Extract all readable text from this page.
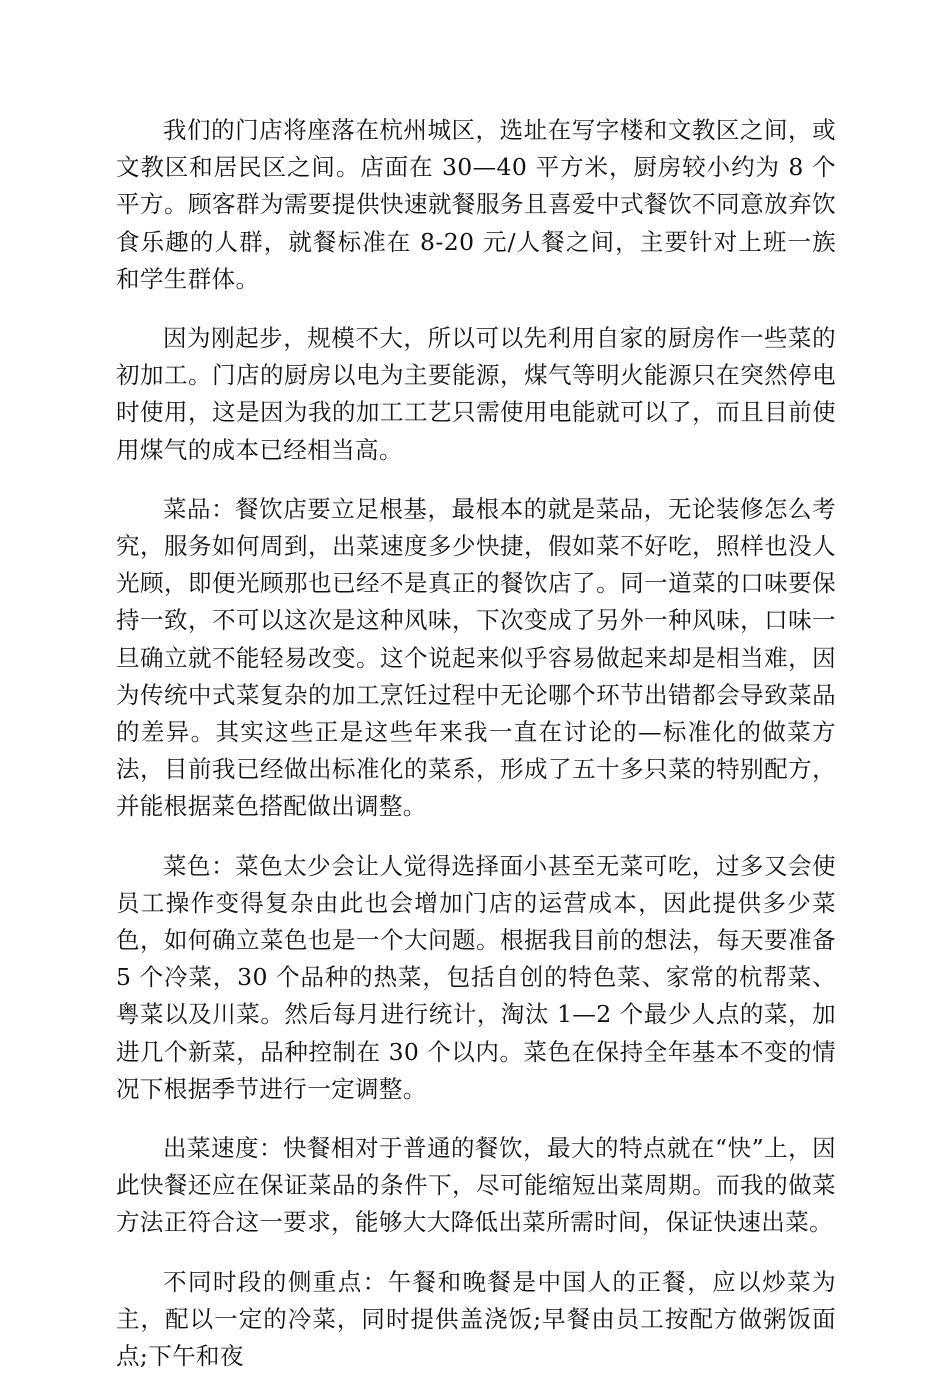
我们的门店将座落在杭州城区，选址在写字楼和文教区之间，或文教区和居民区之间。店面在 30—40 平方米，厨房较小约为 8 个平方。顾客群为需要提供快速就餐服务且喜爱中式餐饮不同意放弃饮食乐趣的人群，就餐标准在 8-20 元/人餐之间，主要针对上班一族和学生群体。

因为刚起步，规模不大，所以可以先利用自家的厨房作一些菜的初加工。门店的厨房以电为主要能源，煤气等明火能源只在突然停电时使用，这是因为我的加工工艺只需使用电能就可以了，而且目前使用煤气的成本已经相当高。

菜品：餐饮店要立足根基，最根本的就是菜品，无论装修怎么考究，服务如何周到，出菜速度多少快捷，假如菜不好吃，照样也没人光顾，即便光顾那也已经不是真正的餐饮店了。同一道菜的口味要保持一致，不可以这次是这种风味，下次变成了另外一种风味，口味一旦确立就不能轻易改变。这个说起来似乎容易做起来却是相当难，因为传统中式菜复杂的加工烹饪过程中无论哪个环节出错都会导致菜品的差异。其实这些正是这些年来我一直在讨论的—标准化的做菜方法，目前我已经做出标准化的菜系，形成了五十多只菜的特别配方，并能根据菜色搭配做出调整。

菜色：菜色太少会让人觉得选择面小甚至无菜可吃，过多又会使员工操作变得复杂由此也会增加门店的运营成本，因此提供多少菜色，如何确立菜色也是一个大问题。根据我目前的想法，每天要准备 5 个冷菜，30 个品种的热菜，包括自创的特色菜、家常的杭帮菜、粤菜以及川菜。然后每月进行统计，淘汰 1—2 个最少人点的菜，加进几个新菜，品种控制在 30 个以内。菜色在保持全年基本不变的情况下根据季节进行一定调整。

出菜速度：快餐相对于普通的餐饮，最大的特点就在“快”上，因此快餐还应在保证菜品的条件下，尽可能缩短出菜周期。而我的做菜方法正符合这一要求，能够大大降低出菜所需时间，保证快速出菜。

不同时段的侧重点：午餐和晚餐是中国人的正餐，应以炒菜为主，配以一定的冷菜，同时提供盖浇饭;早餐由员工按配方做粥饭面点;下午和夜
